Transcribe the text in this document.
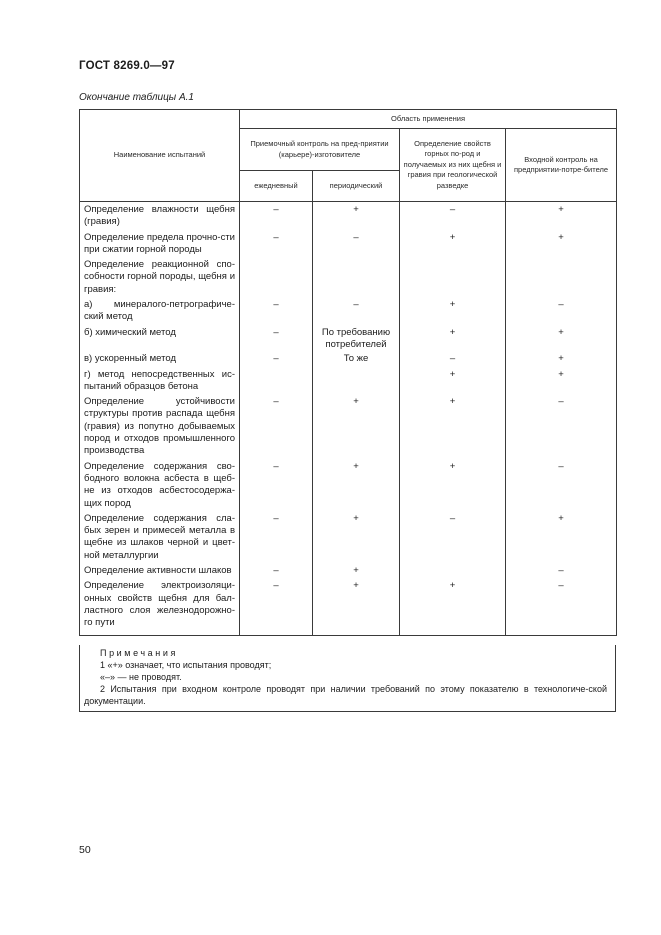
ГОСТ 8269.0—97
Окончание таблицы А.1
Наименование испытаний	Область применения			
	Приемочный контроль на пред-приятии (карьере)-изготовителе		Определение свойств горных по-род и получаемых из них щебня и гравия при геологической разведке	Входной контроль на предприятии-потре-бителе
	ежедневный	периодический		
Определение влажности щебня (гравия)	–	+	–	+
Определение предела прочно-сти при сжатии горной породы	–	–	+	+
Определение реакционной спо-собности горной породы, щебня и гравия:				
а) минералого-петрографиче-ский метод	–	–	+	–
б) химический метод	–	По требованию потребителей	+	+
в) ускоренный метод	–	То же	–	+
г) метод непосредственных ис-пытаний образцов бетона			+	+
Определение устойчивости структуры против распада щебня (гравия) из попутно добываемых пород и отходов промышленного производства	–	+	+	–
Определение содержания сво-бодного волокна асбеста в щеб-не из отходов асбестосодержа-щих пород	–	+	+	–
Определение содержания сла-бых зерен и примесей металла в щебне из шлаков черной и цвет-ной металлургии	–	+	–	+
Определение активности шлаков	–	+		–
Определение электроизоляци-онных свойств щебня для бал-ластного слоя железнодорожно-го пути	–	+	+	–

Примечания
1 «+» означает, что испытания проводят;
«–» — не проводят.
2 Испытания при входном контроле проводят при наличии требований по этому показателю в технологиче-ской документации.
50
